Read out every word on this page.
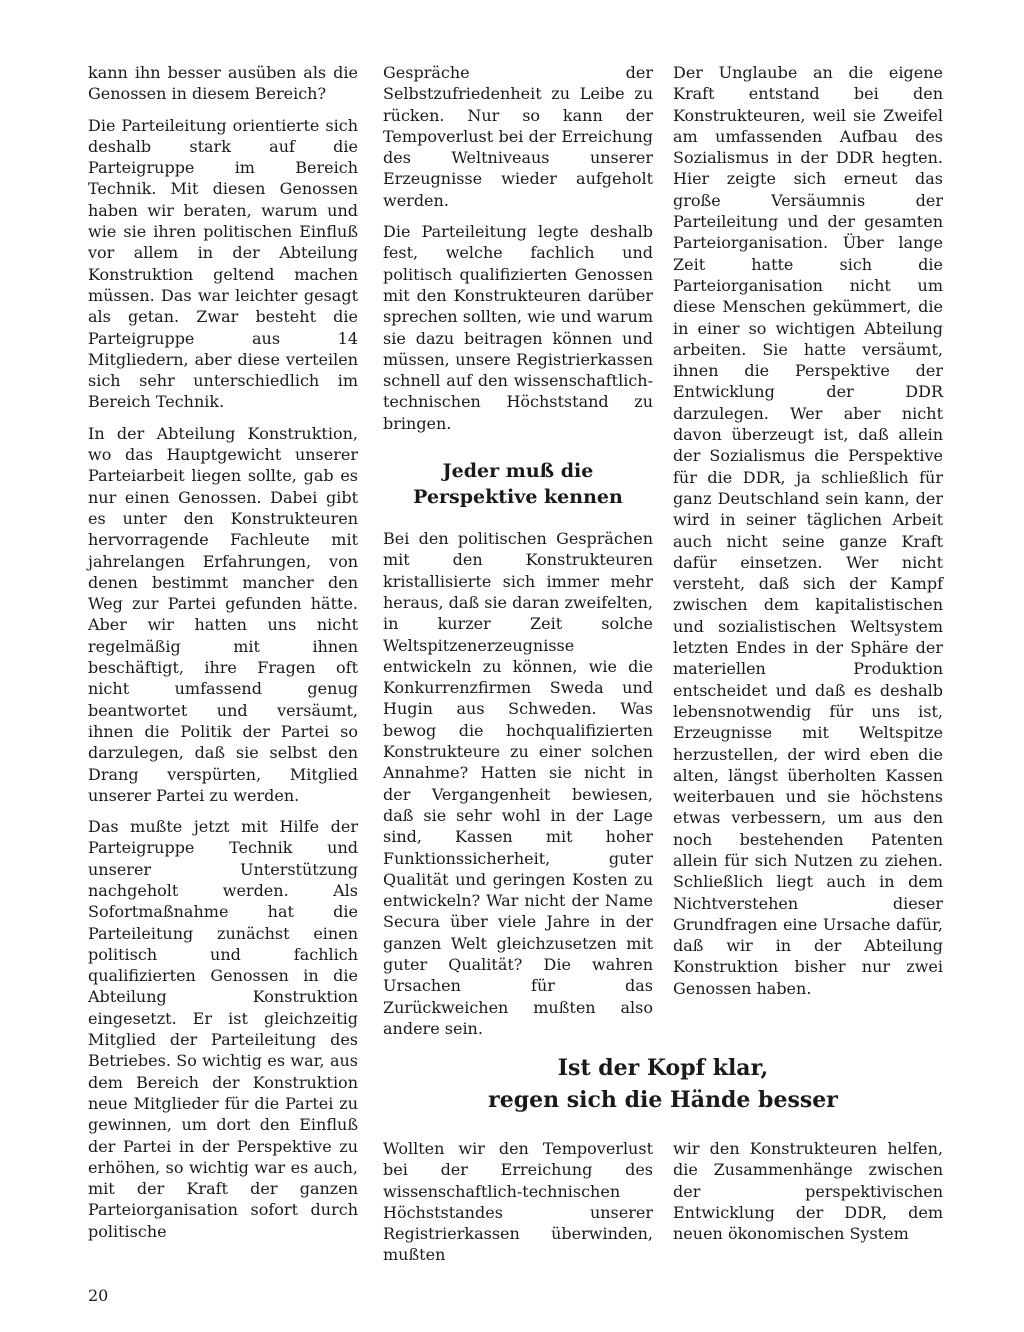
kann ihn besser ausüben als die Genossen in diesem Bereich?

Die Parteileitung orientierte sich deshalb stark auf die Parteigruppe im Bereich Technik. Mit diesen Genossen haben wir beraten, warum und wie sie ihren politischen Einfluß vor allem in der Abteilung Konstruktion geltend machen müssen. Das war leichter gesagt als getan. Zwar besteht die Parteigruppe aus 14 Mitgliedern, aber diese verteilen sich sehr unterschiedlich im Bereich Technik.

In der Abteilung Konstruktion, wo das Hauptgewicht unserer Parteiarbeit liegen sollte, gab es nur einen Genossen. Dabei gibt es unter den Konstrukteuren hervorragende Fachleute mit jahrelangen Erfahrungen, von denen bestimmt mancher den Weg zur Partei gefunden hätte. Aber wir hatten uns nicht regelmäßig mit ihnen beschäftigt, ihre Fragen oft nicht umfassend genug beantwortet und versäumt, ihnen die Politik der Partei so darzulegen, daß sie selbst den Drang verspürten, Mitglied unserer Partei zu werden.

Das mußte jetzt mit Hilfe der Parteigruppe Technik und unserer Unterstützung nachgeholt werden. Als Sofortmaßnahme hat die Parteileitung zunächst einen politisch und fachlich qualifizierten Genossen in die Abteilung Konstruktion eingesetzt. Er ist gleichzeitig Mitglied der Parteileitung des Betriebes. So wichtig es war, aus dem Bereich der Konstruktion neue Mitglieder für die Partei zu gewinnen, um dort den Einfluß der Partei in der Perspektive zu erhöhen, so wichtig war es auch, mit der Kraft der ganzen Parteiorganisation sofort durch politische

Gespräche der Selbstzufriedenheit zu Leibe zu rücken. Nur so kann der Tempoverlust bei der Erreichung des Weltniveaus unserer Erzeugnisse wieder aufgeholt werden.

Die Parteileitung legte deshalb fest, welche fachlich und politisch qualifizierten Genossen mit den Konstrukteuren darüber sprechen sollten, wie und warum sie dazu beitragen können und müssen, unsere Registrierkassen schnell auf den wissenschaftlich-technischen Höchststand zu bringen.

Jeder muß die
Perspektive kennen

Bei den politischen Gesprächen mit den Konstrukteuren kristallisierte sich immer mehr heraus, daß sie daran zweifelten, in kurzer Zeit solche Weltspitzenerzeugnisse entwickeln zu können, wie die Konkurrenzfirmen Sweda und Hugin aus Schweden. Was bewog die hochqualifizierten Konstrukteure zu einer solchen Annahme? Hatten sie nicht in der Vergangenheit bewiesen, daß sie sehr wohl in der Lage sind, Kassen mit hoher Funktionssicherheit, guter Qualität und geringen Kosten zu entwickeln? War nicht der Name Secura über viele Jahre in der ganzen Welt gleichzusetzen mit guter Qualität? Die wahren Ursachen für das Zurückweichen mußten also andere sein.

Der Unglaube an die eigene Kraft entstand bei den Konstrukteuren, weil sie Zweifel am umfassenden Aufbau des Sozialismus in der DDR hegten. Hier zeigte sich erneut das große Versäumnis der Parteileitung und der gesamten Parteiorganisation. Über lange Zeit hatte sich die Parteiorganisation nicht um diese Menschen gekümmert, die in einer so wichtigen Abteilung arbeiten. Sie hatte versäumt, ihnen die Perspektive der Entwicklung der DDR darzulegen. Wer aber nicht davon überzeugt ist, daß allein der Sozialismus die Perspektive für die DDR, ja schließlich für ganz Deutschland sein kann, der wird in seiner täglichen Arbeit auch nicht seine ganze Kraft dafür einsetzen. Wer nicht versteht, daß sich der Kampf zwischen dem kapitalistischen und sozialistischen Weltsystem letzten Endes in der Sphäre der materiellen Produktion entscheidet und daß es deshalb lebensnotwendig für uns ist, Erzeugnisse mit Weltspitze herzustellen, der wird eben die alten, längst überholten Kassen weiterbauen und sie höchstens etwas verbessern, um aus den noch bestehenden Patenten allein für sich Nutzen zu ziehen. Schließlich liegt auch in dem Nichtverstehen dieser Grundfragen eine Ursache dafür, daß wir in der Abteilung Konstruktion bisher nur zwei Genossen haben.

Ist der Kopf klar,
regen sich die Hände besser

Wollten wir den Tempoverlust bei der Erreichung des wissenschaftlich-technischen Höchststandes unserer Registrierkassen überwinden, mußten

wir den Konstrukteuren helfen, die Zusammenhänge zwischen der perspektivischen Entwicklung der DDR, dem neuen ökonomischen System

20
